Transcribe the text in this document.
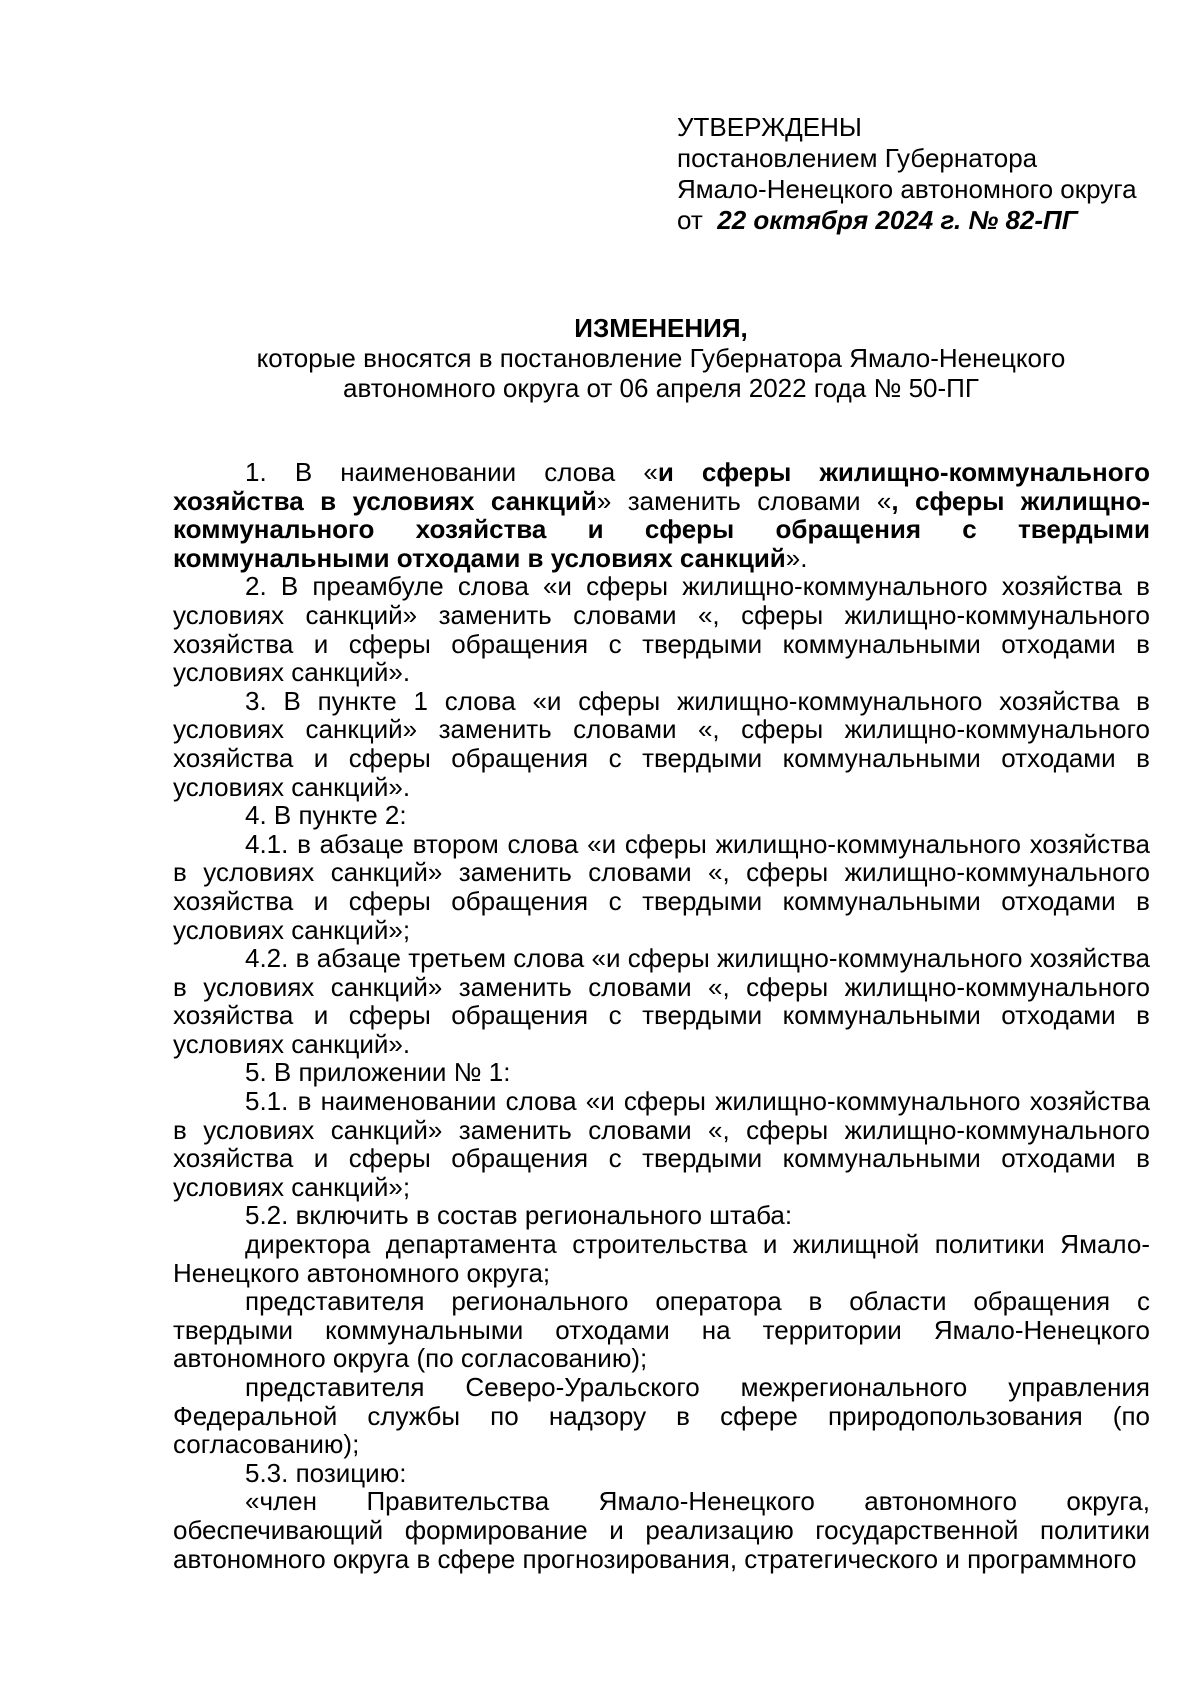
УТВЕРЖДЕНЫ

постановлением Губернатора

Ямало-Ненецкого автономного округа

от 22 октября 2024 г. № 82-ПГ

ИЗМЕНЕНИЯ,

которые вносятся в постановление Губернатора Ямало-Ненецкого

автономного округа от 06 апреля 2022 года № 50-ПГ

1. В наименовании слова «и сферы жилищно-коммунального хозяйства в условиях санкций» заменить словами «, сферы жилищно-коммунального хозяйства и сферы обращения с твердыми коммунальными отходами в условиях санкций».

2. В преамбуле слова «и сферы жилищно-коммунального хозяйства в условиях санкций» заменить словами «, сферы жилищно-коммунального хозяйства и сферы обращения с твердыми коммунальными отходами в условиях санкций».

3. В пункте 1 слова «и сферы жилищно-коммунального хозяйства в условиях санкций» заменить словами «, сферы жилищно-коммунального хозяйства и сферы обращения с твердыми коммунальными отходами в условиях санкций».

4. В пункте 2:

4.1. в абзаце втором слова «и сферы жилищно-коммунального хозяйства в условиях санкций» заменить словами «, сферы жилищно-коммунального хозяйства и сферы обращения с твердыми коммунальными отходами в условиях санкций»;

4.2. в абзаце третьем слова «и сферы жилищно-коммунального хозяйства в условиях санкций» заменить словами «, сферы жилищно-коммунального хозяйства и сферы обращения с твердыми коммунальными отходами в условиях санкций».

5. В приложении № 1:

5.1. в наименовании слова «и сферы жилищно-коммунального хозяйства в условиях санкций» заменить словами «, сферы жилищно-коммунального хозяйства и сферы обращения с твердыми коммунальными отходами в условиях санкций»;

5.2. включить в состав регионального штаба:

директора департамента строительства и жилищной политики Ямало-Ненецкого автономного округа;

представителя регионального оператора в области обращения с твердыми коммунальными отходами на территории Ямало-Ненецкого автономного округа (по согласованию);

представителя Северо-Уральского межрегионального управления Федеральной службы по надзору в сфере природопользования (по согласованию);

5.3. позицию:

«член Правительства Ямало-Ненецкого автономного округа, обеспечивающий формирование и реализацию государственной политики автономного округа в сфере прогнозирования, стратегического и программного
